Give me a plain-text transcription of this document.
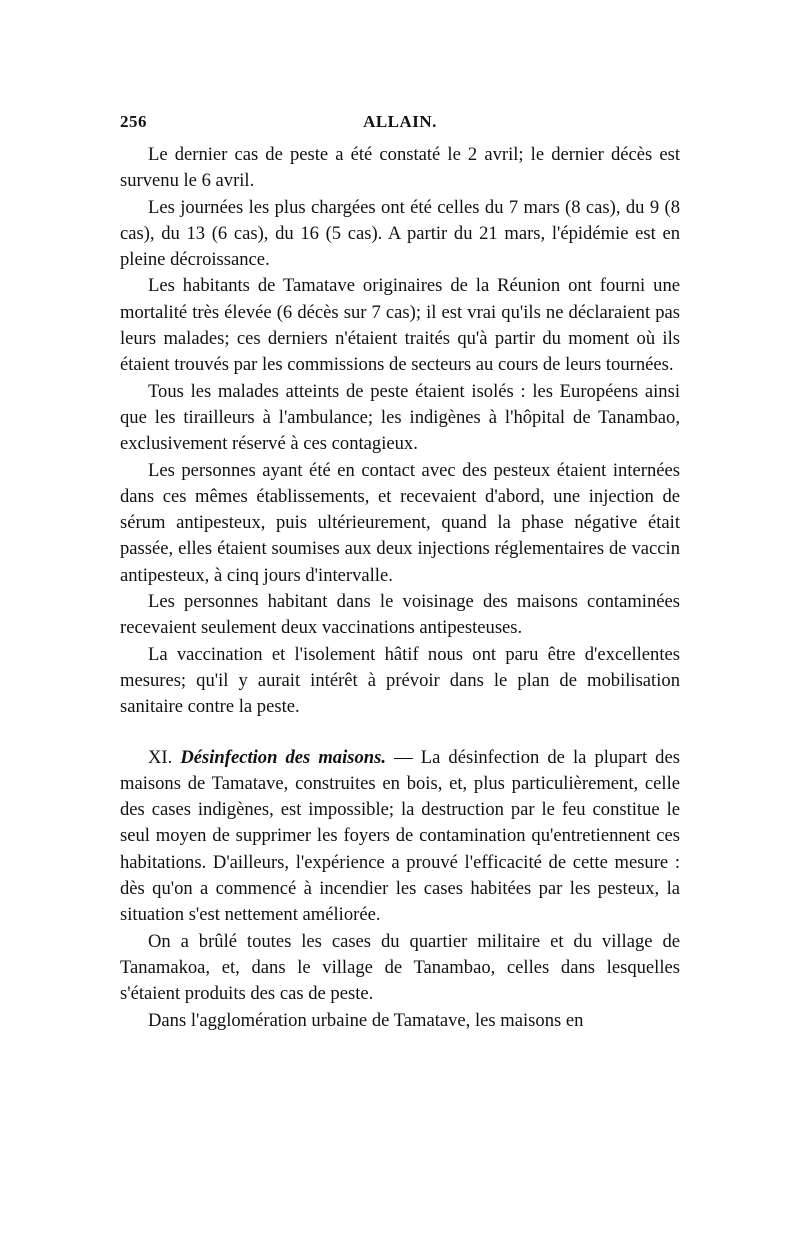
256	ALLAIN.

Le dernier cas de peste a été constaté le 2 avril; le dernier décès est survenu le 6 avril.

Les journées les plus chargées ont été celles du 7 mars (8 cas), du 9 (8 cas), du 13 (6 cas), du 16 (5 cas). A partir du 21 mars, l'épidémie est en pleine décroissance.

Les habitants de Tamatave originaires de la Réunion ont fourni une mortalité très élevée (6 décès sur 7 cas); il est vrai qu'ils ne déclaraient pas leurs malades; ces derniers n'étaient traités qu'à partir du moment où ils étaient trouvés par les commissions de secteurs au cours de leurs tournées.

Tous les malades atteints de peste étaient isolés : les Européens ainsi que les tirailleurs à l'ambulance; les indigènes à l'hôpital de Tanambao, exclusivement réservé à ces contagieux.

Les personnes ayant été en contact avec des pesteux étaient internées dans ces mêmes établissements, et recevaient d'abord, une injection de sérum antipesteux, puis ultérieurement, quand la phase négative était passée, elles étaient soumises aux deux injections réglementaires de vaccin antipesteux, à cinq jours d'intervalle.

Les personnes habitant dans le voisinage des maisons contaminées recevaient seulement deux vaccinations antipesteuses.

La vaccination et l'isolement hâtif nous ont paru être d'excellentes mesures; qu'il y aurait intérêt à prévoir dans le plan de mobilisation sanitaire contre la peste.

XI. Désinfection des maisons. — La désinfection de la plupart des maisons de Tamatave, construites en bois, et, plus particulièrement, celle des cases indigènes, est impossible; la destruction par le feu constitue le seul moyen de supprimer les foyers de contamination qu'entretiennent ces habitations. D'ailleurs, l'expérience a prouvé l'efficacité de cette mesure : dès qu'on a commencé à incendier les cases habitées par les pesteux, la situation s'est nettement améliorée.

On a brûlé toutes les cases du quartier militaire et du village de Tanamakoa, et, dans le village de Tanambao, celles dans lesquelles s'étaient produits des cas de peste.

Dans l'agglomération urbaine de Tamatave, les maisons en
